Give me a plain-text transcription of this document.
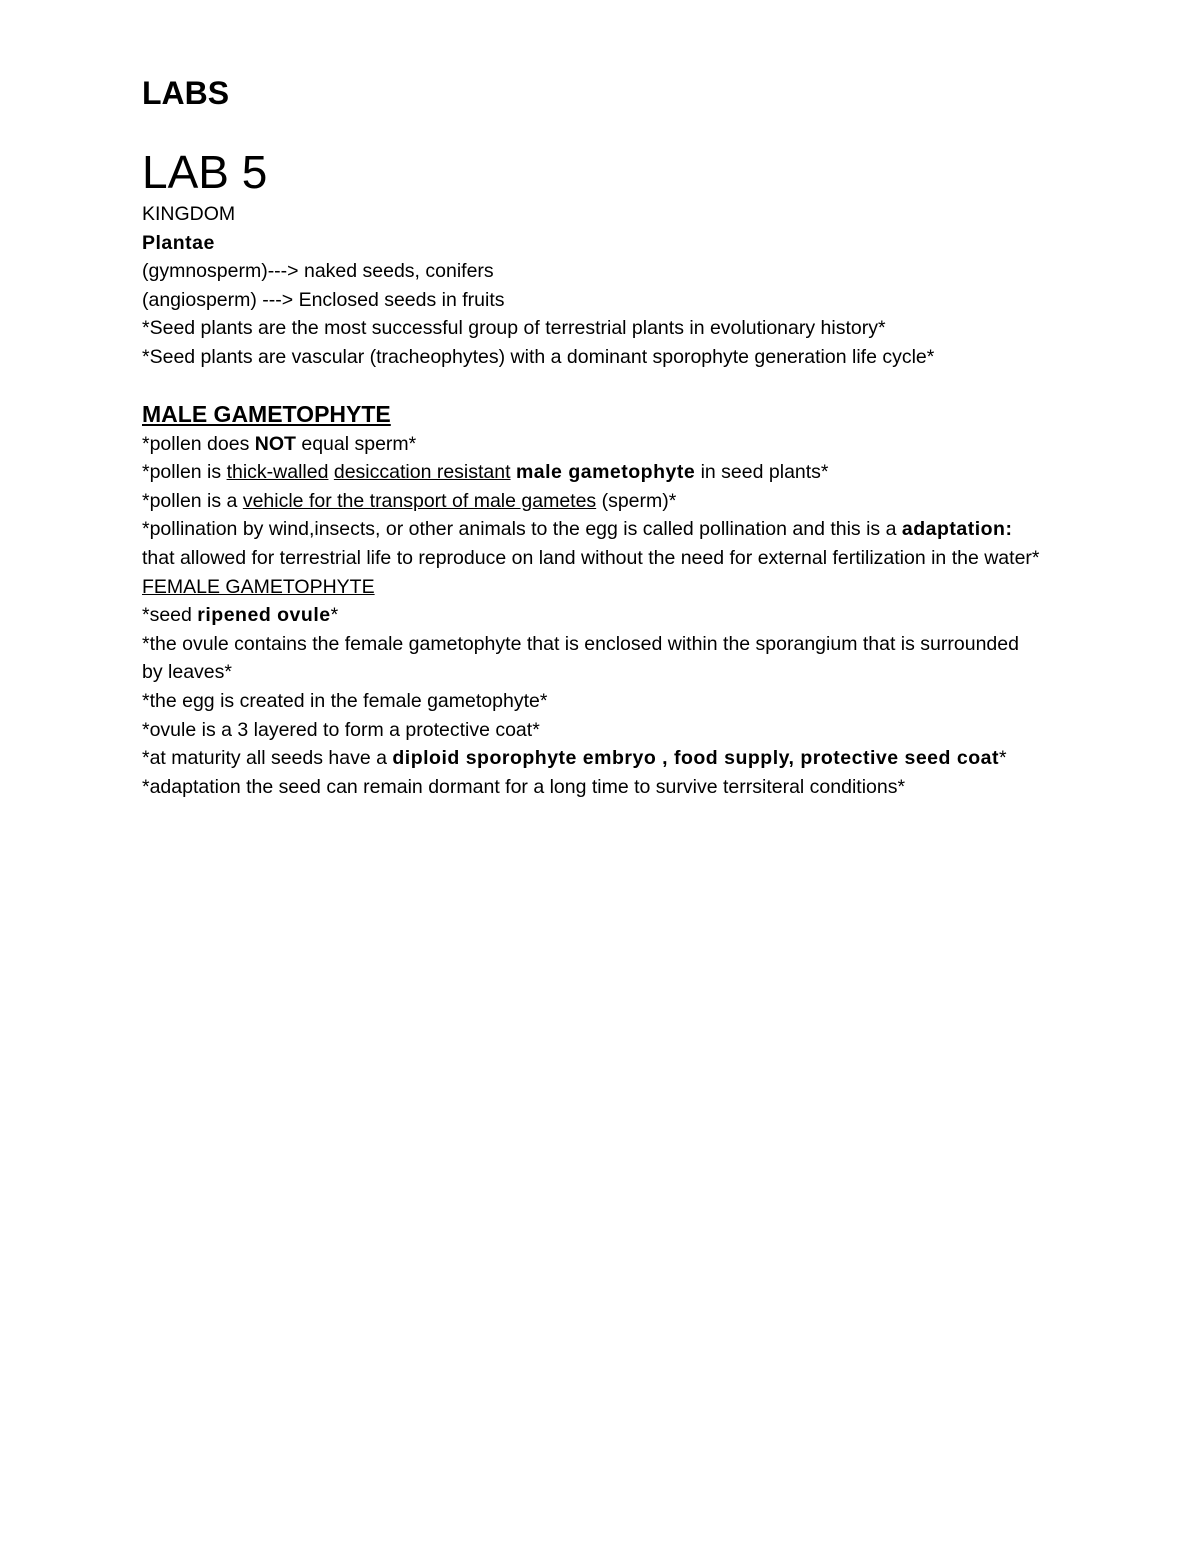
LABS
LAB 5

KINGDOM

Plantae

(gymnosperm)---> naked seeds, conifers

(angiosperm) ---> Enclosed seeds in fruits

*Seed plants are the most successful group of terrestrial plants in evolutionary history*

*Seed plants are vascular (tracheophytes) with a dominant sporophyte generation life cycle*

MALE GAMETOPHYTE

*pollen does NOT equal sperm*

*pollen is thick-walled desiccation resistant male gametophyte in seed plants*

*pollen is a vehicle for the transport of male gametes (sperm)*

*pollination by wind,insects, or other animals to the egg is called pollination and this is a adaptation: that allowed for terrestrial life to reproduce on land without the need for external fertilization in the water*

FEMALE GAMETOPHYTE

*seed ripened ovule*

*the ovule contains the female gametophyte that is enclosed within the sporangium that is surrounded by leaves*

*the egg is created in the female gametophyte*

*ovule is a 3 layered to form a protective coat*

*at maturity all seeds have a diploid sporophyte embryo , food supply, protective seed coat*

*adaptation the seed can remain dormant for a long time to survive terrsiteral conditions*
